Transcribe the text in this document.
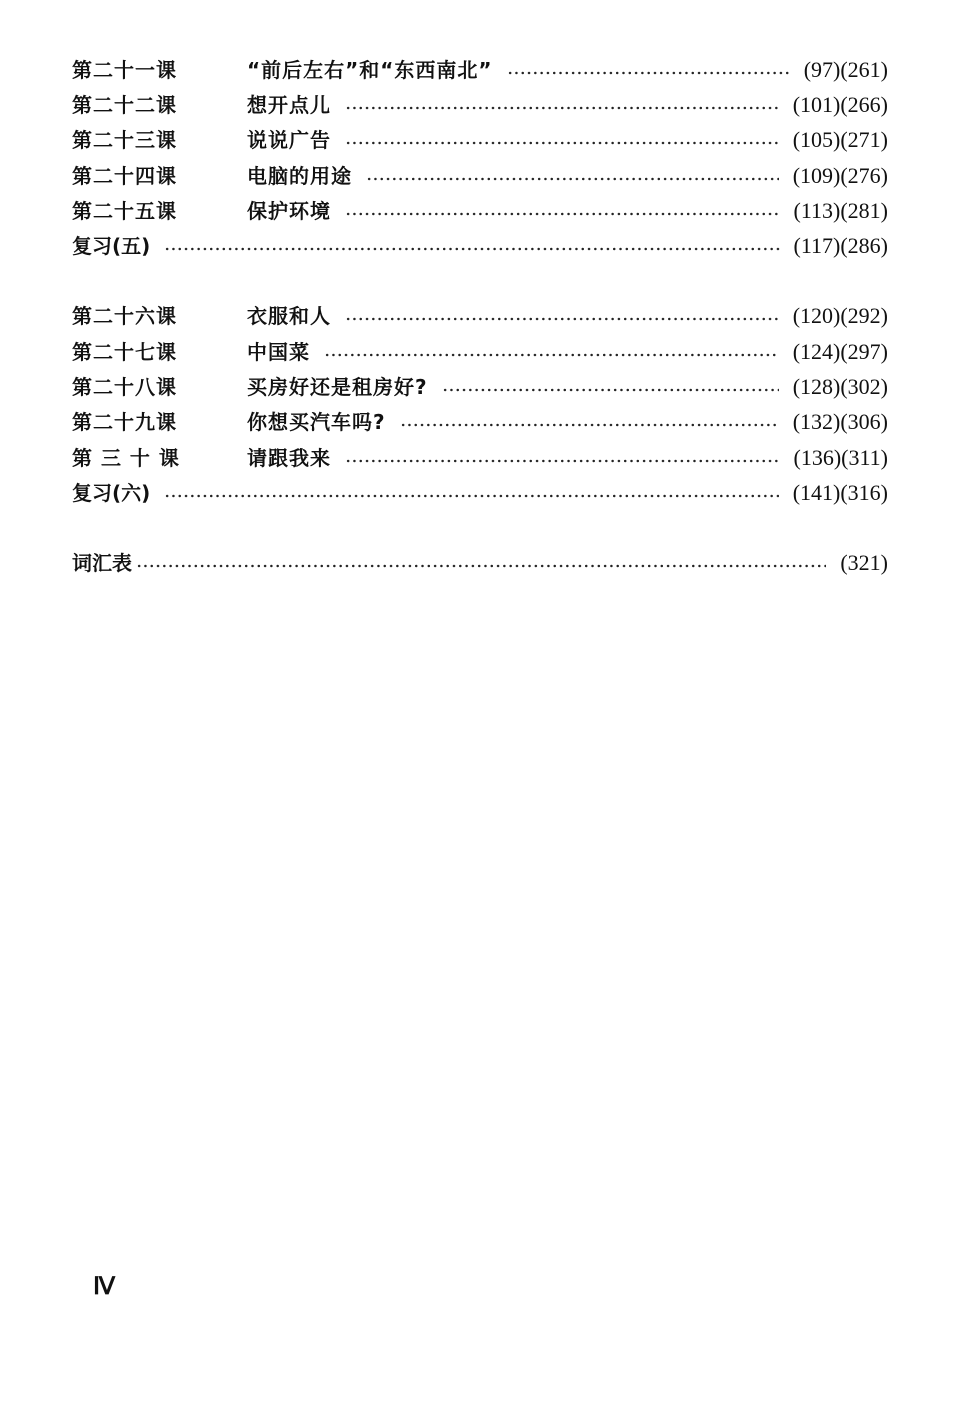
第二十一课	“前后左右”和“东西南北”	(97)(261)
第二十二课	想开点儿	(101)(266)
第二十三课	说说广告	(105)(271)
第二十四课	电脑的用途	(109)(276)
第二十五课	保护环境	(113)(281)
复习(五)	(117)(286)
第二十六课	衣服和人	(120)(292)
第二十七课	中国菜	(124)(297)
第二十八课	买房好还是租房好?	(128)(302)
第二十九课	你想买汽车吗?	(132)(306)
第 三 十 课	请跟我来	(136)(311)
复习(六)	(141)(316)
词汇表	(321)
Ⅳ
